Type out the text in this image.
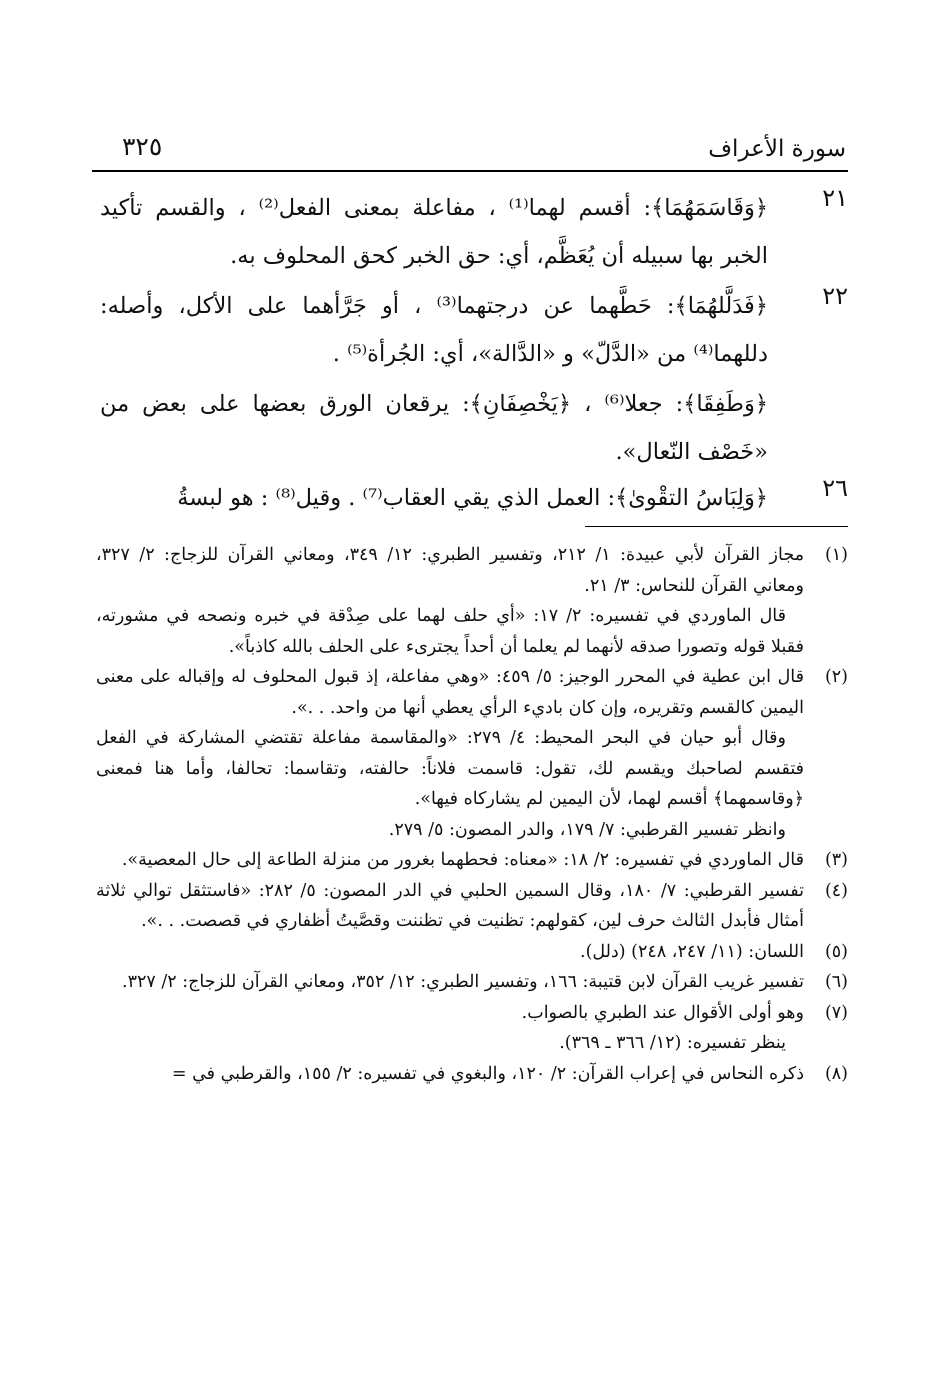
سورة الأعراف
٣٢٥
٢١
﴿وَقَاسَمَهُمَا﴾: أقسم لهما⁽¹⁾ ، مفاعلة بمعنى الفعل⁽²⁾ ، والقسم تأكيد الخبر بها سبيله أن يُعَظَّم، أي: حق الخبر كحق المحلوف به.
٢٢
﴿فَدَلَّلهُمَا﴾: حَطَّهما عن درجتهما⁽³⁾ ، أو جَرَّأهما على الأكل، وأصله: دللهما⁽⁴⁾ من «الدَّلّ» و «الدَّالة»، أي: الجُرأة⁽⁵⁾ .
﴿وَطَفِقَا﴾: جعلا⁽⁶⁾ ، ﴿يَخْصِفَانِ﴾: يرقعان الورق بعضها على بعض من «خَصْف النّعال».
٢٦
﴿وَلِبَاسُ التقْوىٰ﴾: العمل الذي يقي العقاب⁽⁷⁾ . وقيل⁽⁸⁾ : هو لبسةُ
(١)

مجاز القرآن لأبي عبيدة: ١/ ٢١٢، وتفسير الطبري: ١٢/ ٣٤٩، ومعاني القرآن للزجاج: ٢/ ٣٢٧، ومعاني القرآن للنحاس: ٣/ ٢١.

قال الماوردي في تفسيره: ٢/ ١٧: «أي حلف لهما على صِدْقة في خبره ونصحه في مشورته، فقبلا قوله وتصورا صدقه لأنهما لم يعلما أن أحداً يجترىء على الحلف بالله كاذباً».

(٢)

قال ابن عطية في المحرر الوجيز: ٥/ ٤٥٩: «وهي مفاعلة، إذ قبول المحلوف له وإقباله على معنى اليمين كالقسم وتقريره، وإن كان باديء الرأي يعطي أنها من واحد. . .».

وقال أبو حيان في البحر المحيط: ٤/ ٢٧٩: «والمقاسمة مفاعلة تقتضي المشاركة في الفعل فتقسم لصاحبك ويقسم لك، تقول: قاسمت فلاناً: حالفته، وتقاسما: تحالفا، وأما هنا فمعنى ﴿وقاسمهما﴾ أقسم لهما، لأن اليمين لم يشاركاه فيها».

وانظر تفسير القرطبي: ٧/ ١٧٩، والدر المصون: ٥/ ٢٧٩.

(٣)

قال الماوردي في تفسيره: ٢/ ١٨: «معناه: فحطهما بغرور من منزلة الطاعة إلى حال المعصية».

(٤)

تفسير القرطبي: ٧/ ١٨٠، وقال السمين الحلبي في الدر المصون: ٥/ ٢٨٢: «فاستثقل توالي ثلاثة أمثال فأبدل الثالث حرف لين، كقولهم: تظنيت في تظننت وقصَّيتُ أظفاري في قصصت. . .».

(٥)

اللسان: (١١/ ٢٤٧، ٢٤٨) (دلل).

(٦)

تفسير غريب القرآن لابن قتيبة: ١٦٦، وتفسير الطبري: ١٢/ ٣٥٢، ومعاني القرآن للزجاج: ٢/ ٣٢٧.

(٧)

وهو أولى الأقوال عند الطبري بالصواب.

ينظر تفسيره: (١٢/ ٣٦٦ ـ ٣٦٩).

(٨)

ذكره النحاس في إعراب القرآن: ٢/ ١٢٠، والبغوي في تفسيره: ٢/ ١٥٥، والقرطبي في =
